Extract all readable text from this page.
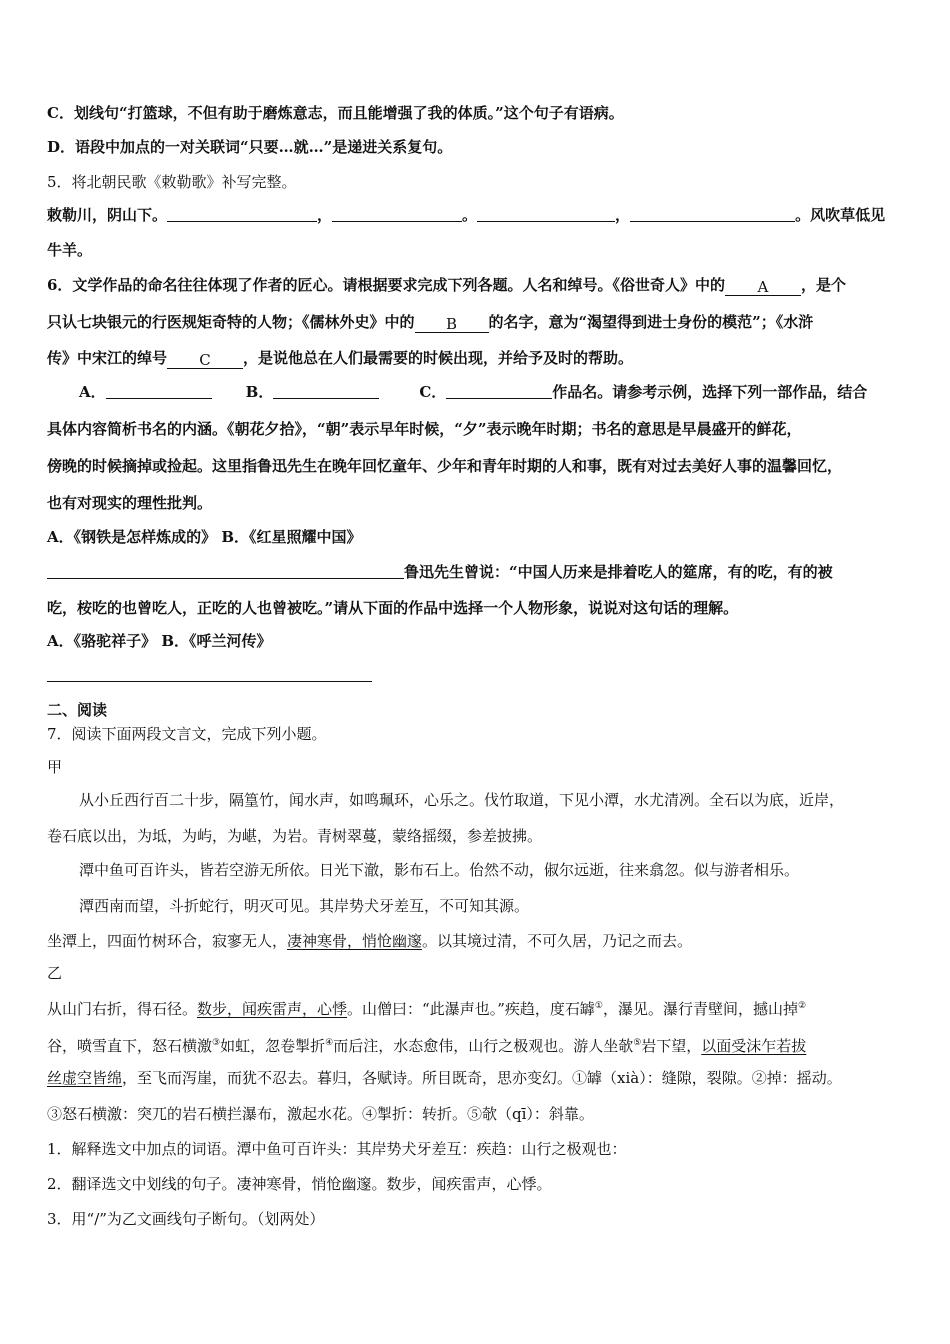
C．划线句“打篮球，不但有助于磨炼意志，而且能增强了我的体质。”这个句子有语病。

D．语段中加点的一对关联词“只要…就…”是递进关系复句。

5．将北朝民歌《敕勒歌》补写完整。

敕勒川，阴山下。	，	。	，	。风吹草低见

牛羊。

6．文学作品的命名往往体现了作者的匠心。请根据要求完成下列各题。人名和绰号。《俗世奇人》中的 A ，是个

只认七块银元的行医规矩奇特的人物；《儒林外史》中的 B 的名字，意为“渴望得到进士身份的模范”；《水浒

传》中宋江的绰号 C ，是说他总在人们最需要的时候出现，并给予及时的帮助。

A．	B．	C．	作品名。请参考示例，选择下列一部作品，结合

具体内容简析书名的内涵。《朝花夕拾》，“朝”表示早年时候，“夕”表示晚年时期；书名的意思是早晨盛开的鲜花，

傍晚的时候摘掉或捡起。这里指鲁迅先生在晚年回忆童年、少年和青年时期的人和事，既有对过去美好人事的温馨回忆，

也有对现实的理性批判。

A．《钢铁是怎样炼成的》 B．《红星照耀中国》

鲁迅先生曾说：“中国人历来是排着吃人的筵席，有的吃，有的被

吃，桉吃的也曾吃人，正吃的人也曾被吃。”请从下面的作品中选择一个人物形象，说说对这句话的理解。

A．《骆驼祥子》 B．《呼兰河传》

二、阅读

7．阅读下面两段文言文，完成下列小题。

甲

从小丘西行百二十步，隔篁竹，闻水声，如鸣珮环，心乐之。伐竹取道，下见小潭，水尤清冽。全石以为底，近岸，

卷石底以出，为坻，为屿，为嵁，为岩。青树翠蔓，蒙络摇缀，参差披拂。

潭中鱼可百许头，皆若空游无所依。日光下澈，影布石上。佁然不动，俶尔远逝，往来翕忽。似与游者相乐。

潭西南而望，斗折蛇行，明灭可见。其岸势犬牙差互，不可知其源。

坐潭上，四面竹树环合，寂寥无人，凄神寒骨，悄怆幽邃。以其境过清，不可久居，乃记之而去。

乙

从山门右折，得石径。数步，闻疾雷声，心悸。山僧曰：“此瀑声也。”疾趋，度石罅①，瀑见。瀑行青壁间，撼山掉②

谷，喷雪直下，怒石横激③如虹，忽卷掣折④而后注，水态愈伟，山行之极观也。游人坐欹⑤岩下望，以面受沫乍若拔

丝虚空皆绵，至飞而泻崖，而犹不忍去。暮归，各赋诗。所目既奇，思亦变幻。①罅（xià）：缝隙，裂隙。②掉：摇动。

③怒石横激：突兀的岩石横拦瀑布，激起水花。④掣折：转折。⑤欹（qī）：斜靠。

1．解释选文中加点的词语。潭中鱼可百许头：其岸势犬牙差互：疾趋：山行之极观也：

2．翻译选文中划线的句子。凄神寒骨，悄怆幽邃。数步，闻疾雷声，心悸。

3．用“/”为乙文画线句子断句。（划两处）
